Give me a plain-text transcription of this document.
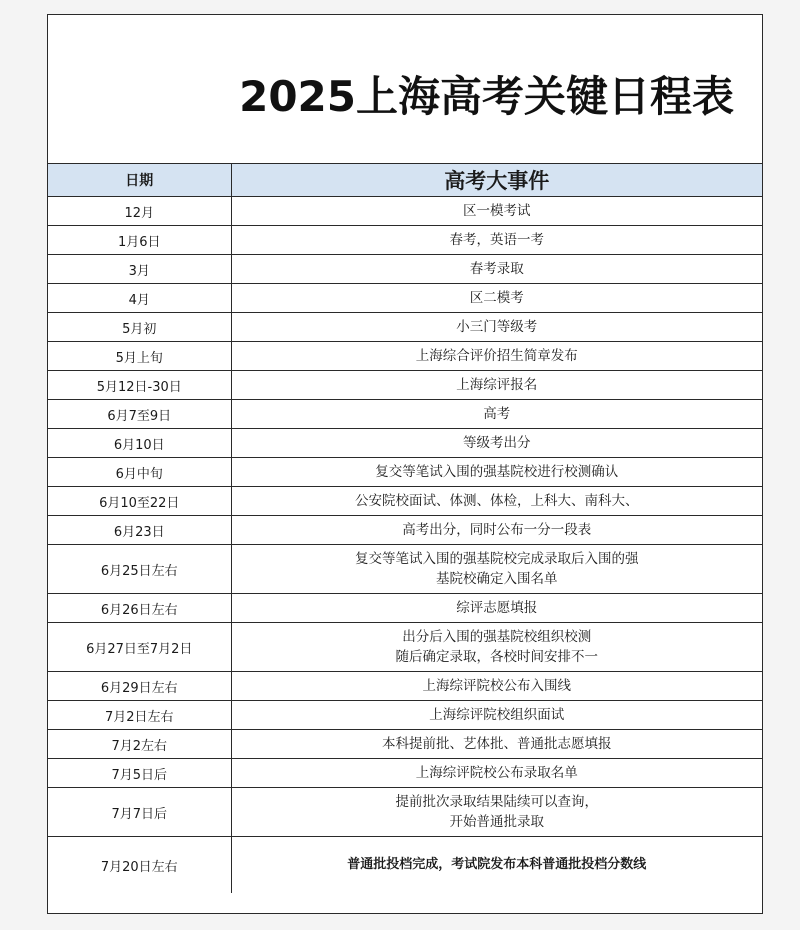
2025上海高考关键日程表
日期	高考大事件
12月	区一模考试

1月6日	春考，英语一考

3月	春考录取

4月	区二模考

5月初	小三门等级考

5月上旬	上海综合评价招生简章发布

5月12日-30日	上海综评报名

6月7至9日	高考

6月10日	等级考出分

6月中旬	复交等笔试入围的强基院校进行校测确认

6月10至22日	公安院校面试、体测、体检，上科大、南科大、

6月23日	高考出分，同时公布一分一段表

6月25日左右	复交等笔试入围的强基院校完成录取后入围的强
基院校确定入围名单

6月26日左右	综评志愿填报

6月27日至7月2日	出分后入围的强基院校组织校测
随后确定录取，各校时间安排不一

6月29日左右	上海综评院校公布入围线

7月2日左右	上海综评院校组织面试

7月2左右	本科提前批、艺体批、普通批志愿填报

7月5日后	上海综评院校公布录取名单

7月7日后	提前批次录取结果陆续可以查询，
开始普通批录取

7月20日左右	普通批投档完成，考试院发布本科普通批投档分数线
